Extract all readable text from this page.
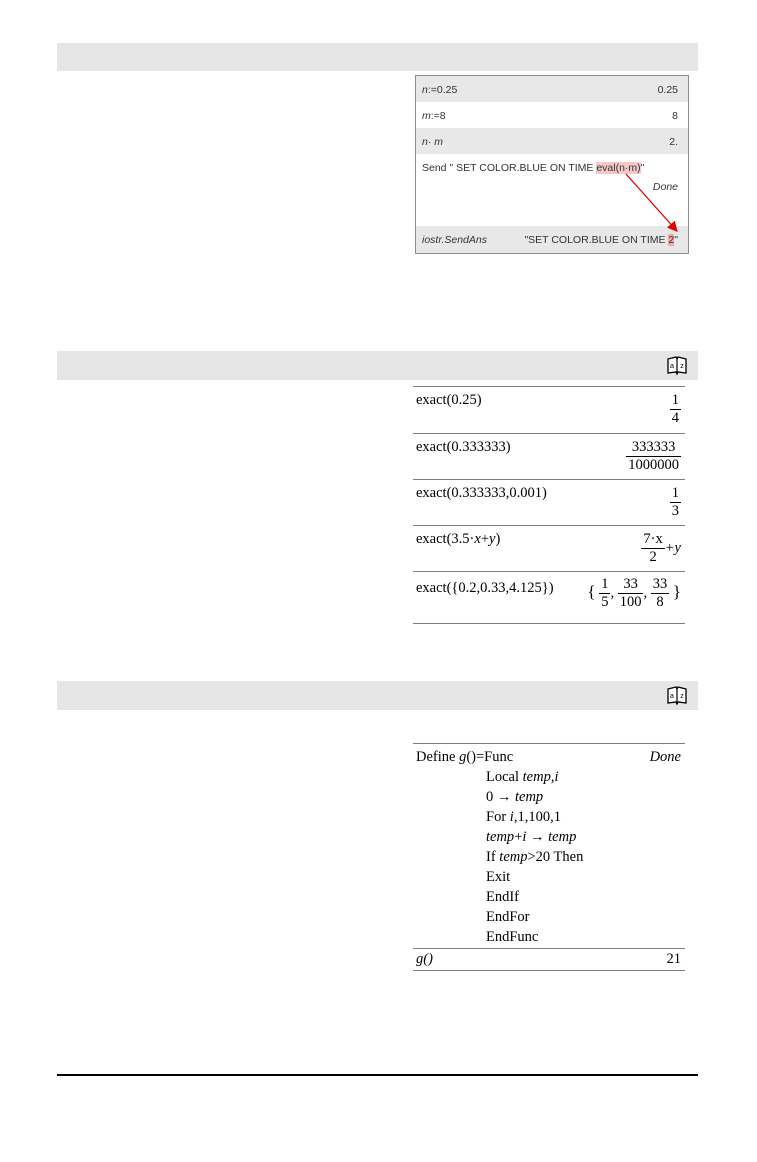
a z
a z
n:=0.25	0.25
m:=8	8
n· m	2.
Send " SET COLOR.BLUE ON TIME eval(n·m)"
Done
iostr.SendAns	"SET COLOR.BLUE ON TIME 2"
exact(0.25)	$\frac{1}{4}$
exact(0.333333)	$\frac{333333}{1000000}$
exact(0.333333,0.001)	$\frac{1}{3}$
exact(3.5·x+y)	$\frac{7\cdot x}{2} +y$
exact({0.2,0.33,4.125}) { $\frac{1}{5}$ , $\frac{33}{100}$ , $\frac{33}{8}$ }
Define g()=Func	Done
Local temp,i
0 → temp
For i,1,100,1
temp+i → temp
If temp>20 Then
Exit
EndIf
EndFor
EndFunc
g()	21
